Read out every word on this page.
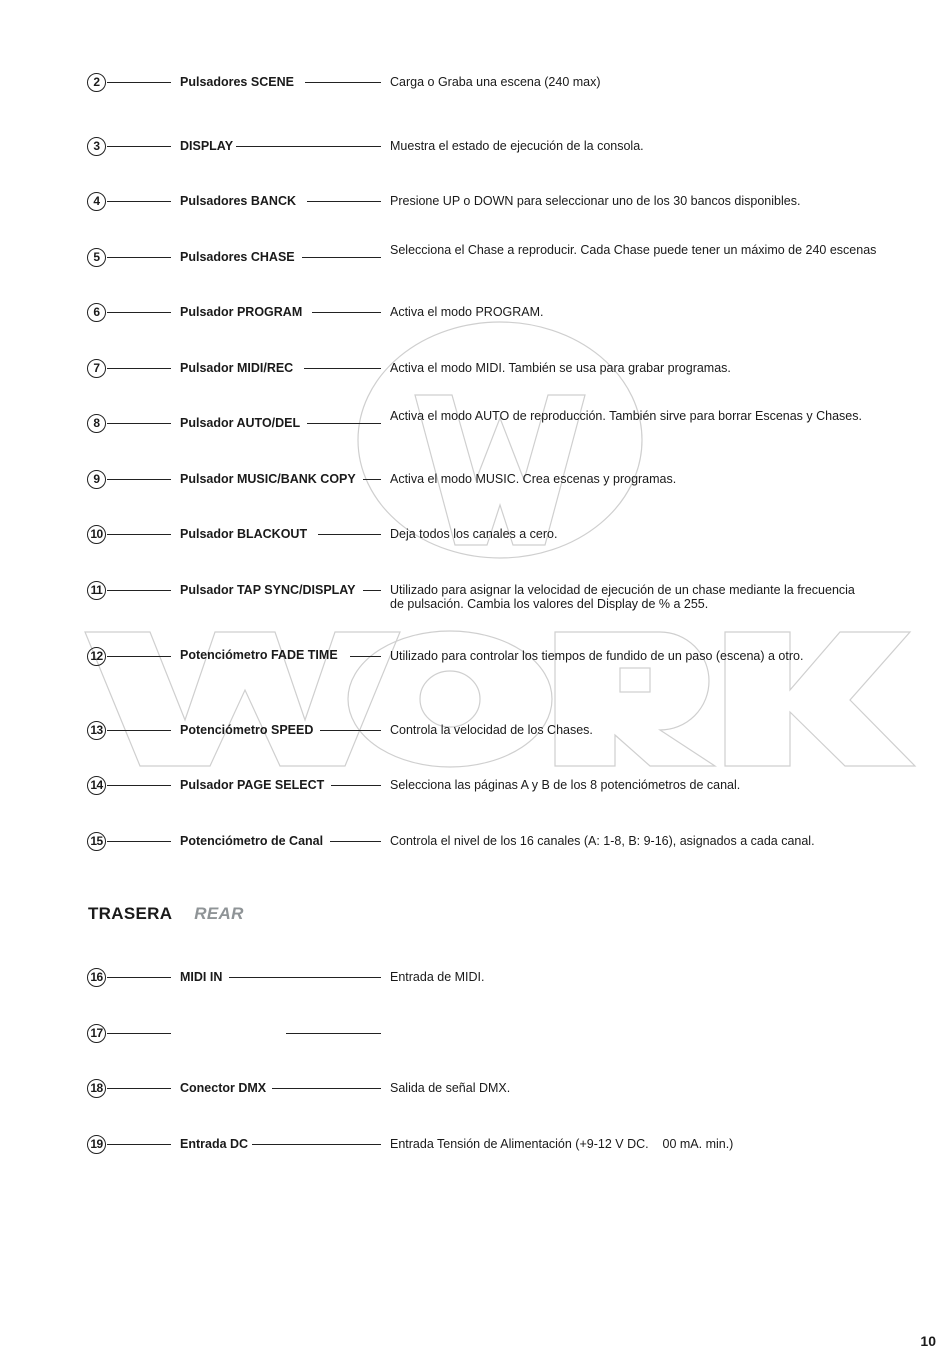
2	Pulsadores SCENE	Carga o Graba una escena (240 max)
3	DISPLAY	Muestra el estado de ejecución de la consola.
4	Pulsadores BANCK	Presione UP o DOWN para seleccionar uno de los 30 bancos disponibles.
5	Pulsadores CHASE	Selecciona el Chase a reproducir. Cada Chase puede tener un máximo de 240 escenas
6	Pulsador PROGRAM	Activa el modo PROGRAM.
7	Pulsador MIDI/REC	Activa el modo MIDI. También se usa para grabar programas.
8	Pulsador AUTO/DEL	Activa el modo AUTO de reproducción. También sirve para borrar Escenas y Chases.
9	Pulsador MUSIC/BANK COPY	Activa el modo MUSIC. Crea escenas y programas.
10	Pulsador BLACKOUT	Deja todos los canales a cero.
11	Pulsador TAP SYNC/DISPLAY	Utilizado para asignar la velocidad de ejecución de un chase mediante la frecuencia
de pulsación. Cambia los valores del Display de % a 255.
12	Potenciómetro FADE TIME	Utilizado para controlar los tiempos de fundido de un paso (escena) a otro.
13	Potenciómetro SPEED	Controla la velocidad de los Chases.
14	Pulsador PAGE SELECT	Selecciona las páginas A y B de los 8 potenciómetros de canal.
15	Potenciómetro de Canal	Controla el nivel de los 16 canales (A: 1-8, B: 9-16), asignados a cada canal.
TRASERA REAR
16	MIDI IN	Entrada de MIDI.
17
18	Conector DMX	Salida de señal DMX.
19	Entrada DC	Entrada Tensión de Alimentación (+9-12 V DC.    00 mA. min.)
10
